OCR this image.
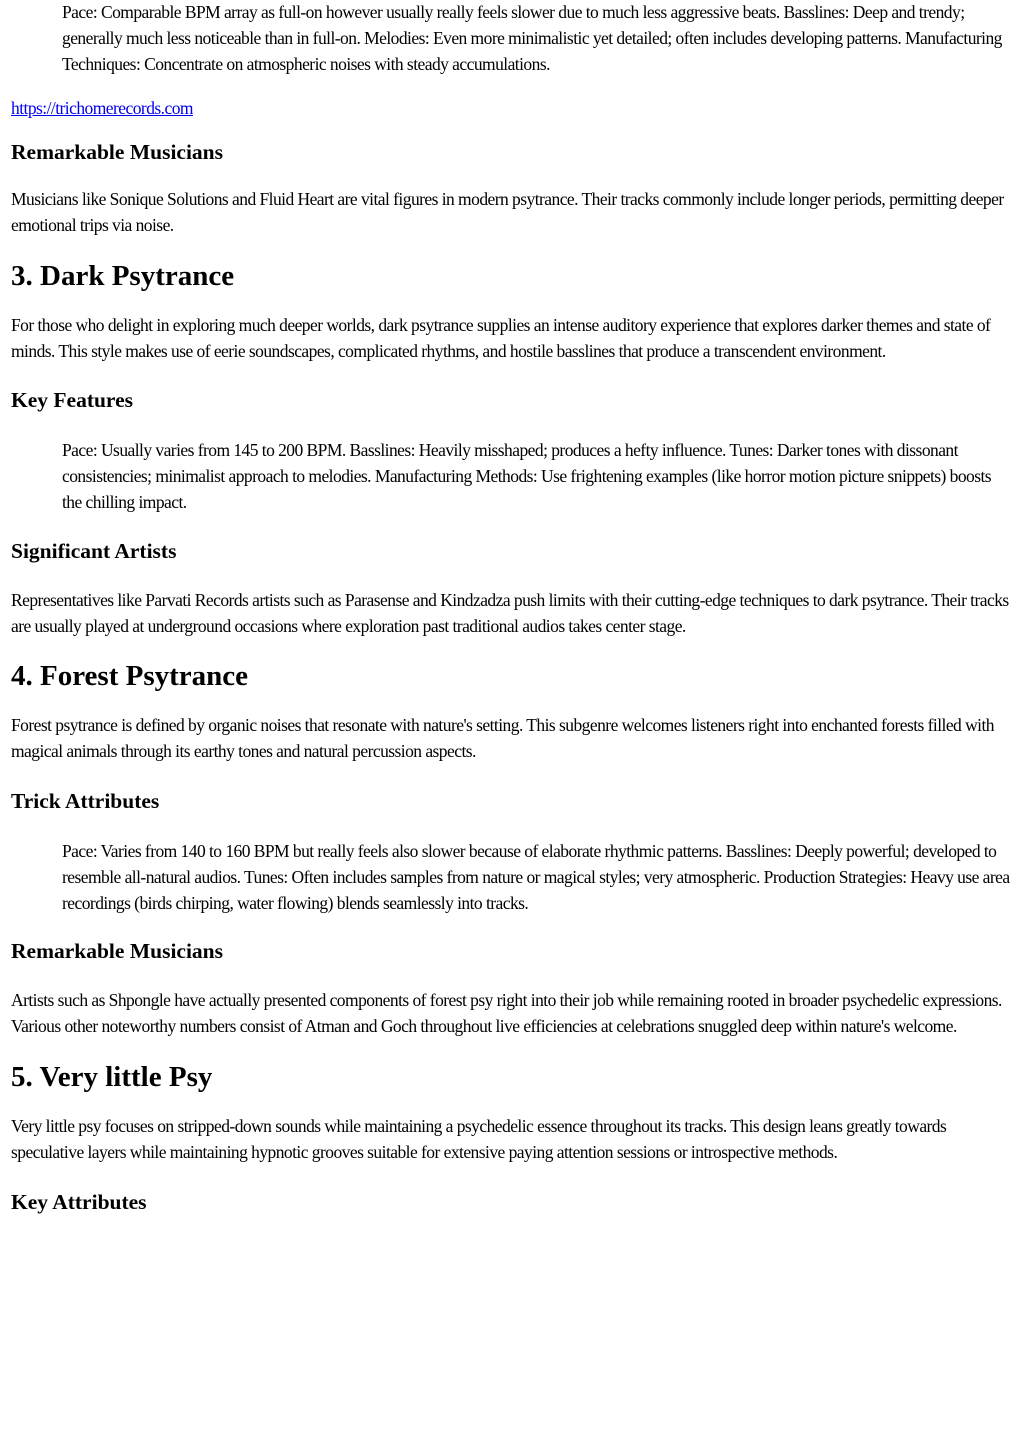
Pace: Comparable BPM array as full-on however usually really feels slower due to much less aggressive beats. Basslines: Deep and trendy; generally much less noticeable than in full-on. Melodies: Even more minimalistic yet detailed; often includes developing patterns. Manufacturing Techniques: Concentrate on atmospheric noises with steady accumulations.

https://trichomerecords.com
Remarkable Musicians

Musicians like Sonique Solutions and Fluid Heart are vital figures in modern psytrance. Their tracks commonly include longer periods, permitting deeper emotional trips via noise.

3. Dark Psytrance

For those who delight in exploring much deeper worlds, dark psytrance supplies an intense auditory experience that explores darker themes and state of minds. This style makes use of eerie soundscapes, complicated rhythms, and hostile basslines that produce a transcendent environment.

Key Features

Pace: Usually varies from 145 to 200 BPM. Basslines: Heavily misshaped; produces a hefty influence. Tunes: Darker tones with dissonant consistencies; minimalist approach to melodies. Manufacturing Methods: Use frightening examples (like horror motion picture snippets) boosts the chilling impact.

Significant Artists

Representatives like Parvati Records artists such as Parasense and Kindzadza push limits with their cutting-edge techniques to dark psytrance. Their tracks are usually played at underground occasions where exploration past traditional audios takes center stage.

4. Forest Psytrance

Forest psytrance is defined by organic noises that resonate with nature's setting. This subgenre welcomes listeners right into enchanted forests filled with magical animals through its earthy tones and natural percussion aspects.

Trick Attributes

Pace: Varies from 140 to 160 BPM but really feels also slower because of elaborate rhythmic patterns. Basslines: Deeply powerful; developed to resemble all-natural audios. Tunes: Often includes samples from nature or magical styles; very atmospheric. Production Strategies: Heavy use area recordings (birds chirping, water flowing) blends seamlessly into tracks.

Remarkable Musicians

Artists such as Shpongle have actually presented components of forest psy right into their job while remaining rooted in broader psychedelic expressions. Various other noteworthy numbers consist of Atman and Goch throughout live efficiencies at celebrations snuggled deep within nature's welcome.

5. Very little Psy

Very little psy focuses on stripped-down sounds while maintaining a psychedelic essence throughout its tracks. This design leans greatly towards speculative layers while maintaining hypnotic grooves suitable for extensive paying attention sessions or introspective methods.

Key Attributes
